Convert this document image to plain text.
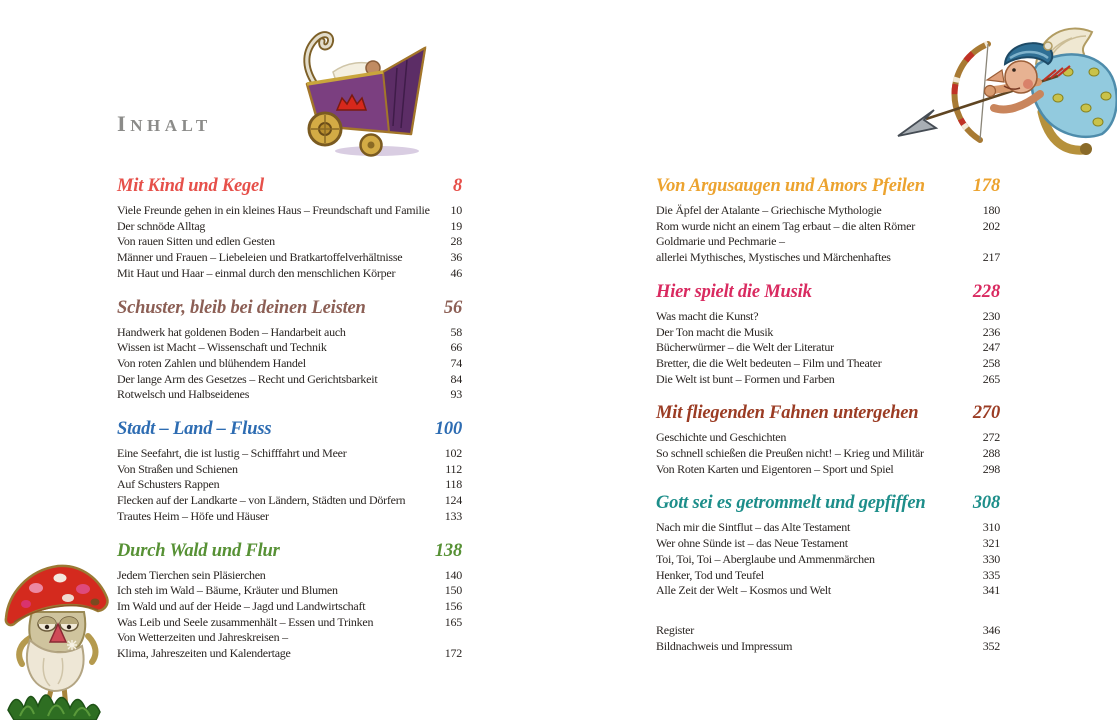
INHALT
Mit Kind und Kegel	8
Viele Freunde gehen in ein kleines Haus – Freundschaft und Familie 10
Der schnöde Alltag	19
Von rauen Sitten und edlen Gesten	28
Männer und Frauen – Liebeleien und Bratkartoffelverhältnisse	36
Mit Haut und Haar – einmal durch den menschlichen Körper	46
Schuster, bleib bei deinen Leisten	56
Handwerk hat goldenen Boden – Handarbeit auch	58
Wissen ist Macht – Wissenschaft und Technik	66
Von roten Zahlen und blühendem Handel	74
Der lange Arm des Gesetzes – Recht und Gerichtsbarkeit	84
Rotwelsch und Halbseidenes	93
Stadt – Land – Fluss	100
Eine Seefahrt, die ist lustig – Schifffahrt und Meer	102
Von Straßen und Schienen	112
Auf Schusters Rappen	118
Flecken auf der Landkarte – von Ländern, Städten und Dörfern	124
Trautes Heim – Höfe und Häuser	133
Durch Wald und Flur	138
Jedem Tierchen sein Pläsierchen	140
Ich steh im Wald – Bäume, Kräuter und Blumen	150
Im Wald und auf der Heide – Jagd und Landwirtschaft	156
Was Leib und Seele zusammenhält – Essen und Trinken	165
Von Wetterzeiten und Jahreskreisen –
Klima, Jahreszeiten und Kalendertage	172
Von Argusaugen und Amors Pfeilen	178
Die Äpfel der Atalante – Griechische Mythologie	180
Rom wurde nicht an einem Tag erbaut – die alten Römer	202
Goldmarie und Pechmarie –
allerlei Mythisches, Mystisches und Märchenhaftes	217
Hier spielt die Musik	228
Was macht die Kunst?	230
Der Ton macht die Musik	236
Bücherwürmer – die Welt der Literatur	247
Bretter, die die Welt bedeuten – Film und Theater	258
Die Welt ist bunt – Formen und Farben	265
Mit fliegenden Fahnen untergehen	270
Geschichte und Geschichten	272
So schnell schießen die Preußen nicht! – Krieg und Militär	288
Von Roten Karten und Eigentoren – Sport und Spiel	298
Gott sei es getrommelt und gepfiffen	308
Nach mir die Sintflut – das Alte Testament	310
Wer ohne Sünde ist – das Neue Testament	321
Toi, Toi, Toi – Aberglaube und Ammenmärchen	330
Henker, Tod und Teufel	335
Alle Zeit der Welt – Kosmos und Welt	341
Register	346
Bildnachweis und Impressum	352
